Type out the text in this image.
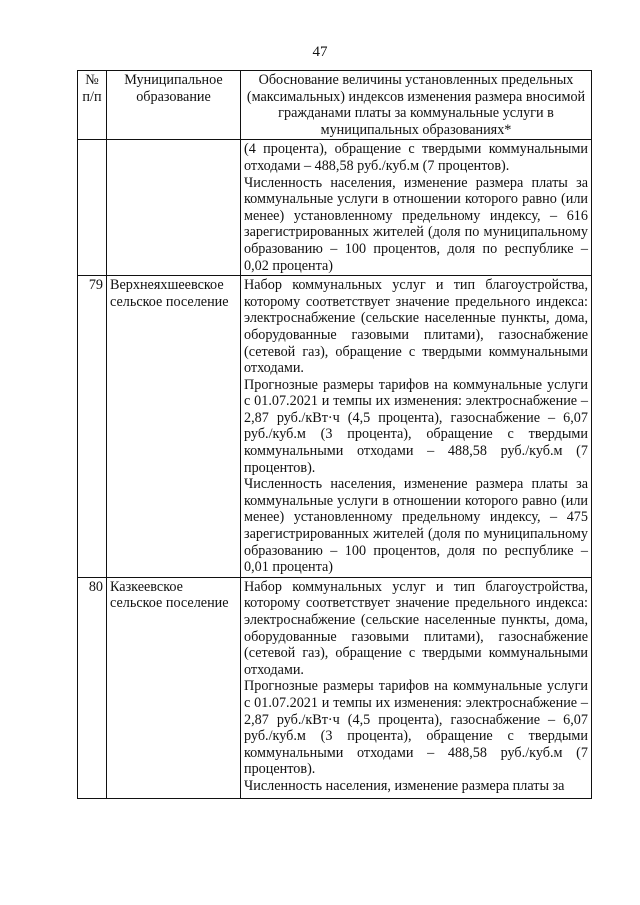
47
№ п/п	Муниципальное образование	Обоснование величины установленных предельных (максимальных) индексов изменения размера вносимой гражданами платы за коммунальные услуги в муниципальных образованиях*

		(4 процента), обращение с твердыми коммунальными отходами – 488,58 руб./куб.м (7 процентов).

Численность населения, изменение размера платы за коммунальные услуги в отношении которого равно (или менее) установленному предельному индексу, – 616 зарегистрированных жителей (доля по муниципальному образованию – 100 процентов, доля по республике – 0,02 процента)

79	Верхнеяхшеевское сельское поселение	Набор коммунальных услуг и тип благоустройства, которому соответствует значение предельного индекса: электроснабжение (сельские населенные пункты, дома, оборудованные газовыми плитами), газоснабжение (сетевой газ), обращение с твердыми коммунальными отходами.

Прогнозные размеры тарифов на коммунальные услуги с 01.07.2021 и темпы их изменения: электроснабжение – 2,87 руб./кВт·ч (4,5 процента), газоснабжение – 6,07 руб./куб.м (3 процента), обращение с твердыми коммунальными отходами – 488,58 руб./куб.м (7 процентов).

Численность населения, изменение размера платы за коммунальные услуги в отношении которого равно (или менее) установленному предельному индексу, – 475 зарегистрированных жителей (доля по муниципальному образованию – 100 процентов, доля по республике – 0,01 процента)

80	Казкеевское сельское поселение	Набор коммунальных услуг и тип благоустройства, которому соответствует значение предельного индекса: электроснабжение (сельские населенные пункты, дома, оборудованные газовыми плитами), газоснабжение (сетевой газ), обращение с твердыми коммунальными отходами.

Прогнозные размеры тарифов на коммунальные услуги с 01.07.2021 и темпы их изменения: электроснабжение – 2,87 руб./кВт·ч (4,5 процента), газоснабжение – 6,07 руб./куб.м (3 процента), обращение с твердыми коммунальными отходами – 488,58 руб./куб.м (7 процентов).

Численность населения, изменение размера платы за
